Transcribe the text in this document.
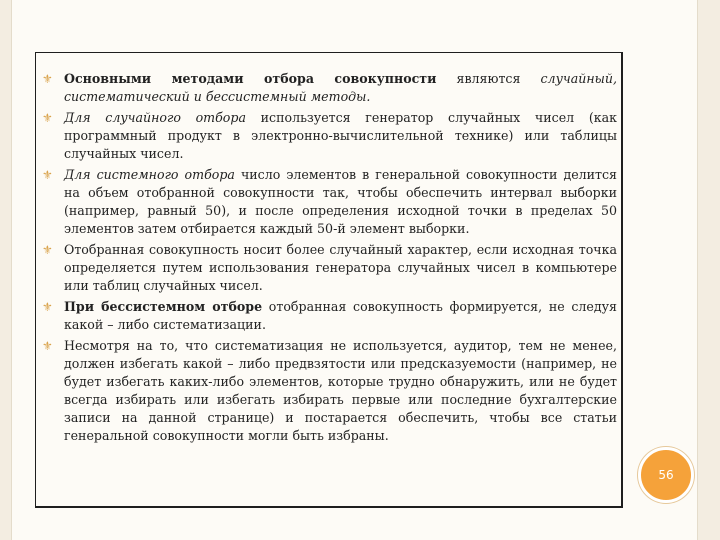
⚜ Основными методами отбора совокупности являются случайный, систематический и бессистемный методы.
⚜ Для случайного отбора используется генератор случайных чисел (как программный продукт в электронно-вычислительной технике) или таблицы случайных чисел.
⚜ Для системного отбора число элементов в генеральной совокупности делится на объем отобранной совокупности так, чтобы обеспечить интервал выборки (например, равный 50), и после определения исходной точки в пределах 50 элементов затем отбирается каждый 50-й элемент выборки.
⚜ Отобранная совокупность носит более случайный характер, если исходная точка определяется путем использования генератора случайных чисел в компьютере или таблиц случайных чисел.
⚜ При бессистемном отборе отобранная совокупность формируется, не следуя какой – либо систематизации.
⚜ Несмотря на то, что систематизация не используется, аудитор, тем не менее, должен избегать какой – либо предвзятости или предсказуемости (например, не будет избегать каких-либо элементов, которые трудно обнаружить, или не будет всегда избирать или избегать избирать первые или последние бухгалтерские записи на данной странице) и постарается обеспечить, чтобы все статьи генеральной совокупности могли быть избраны.
56
